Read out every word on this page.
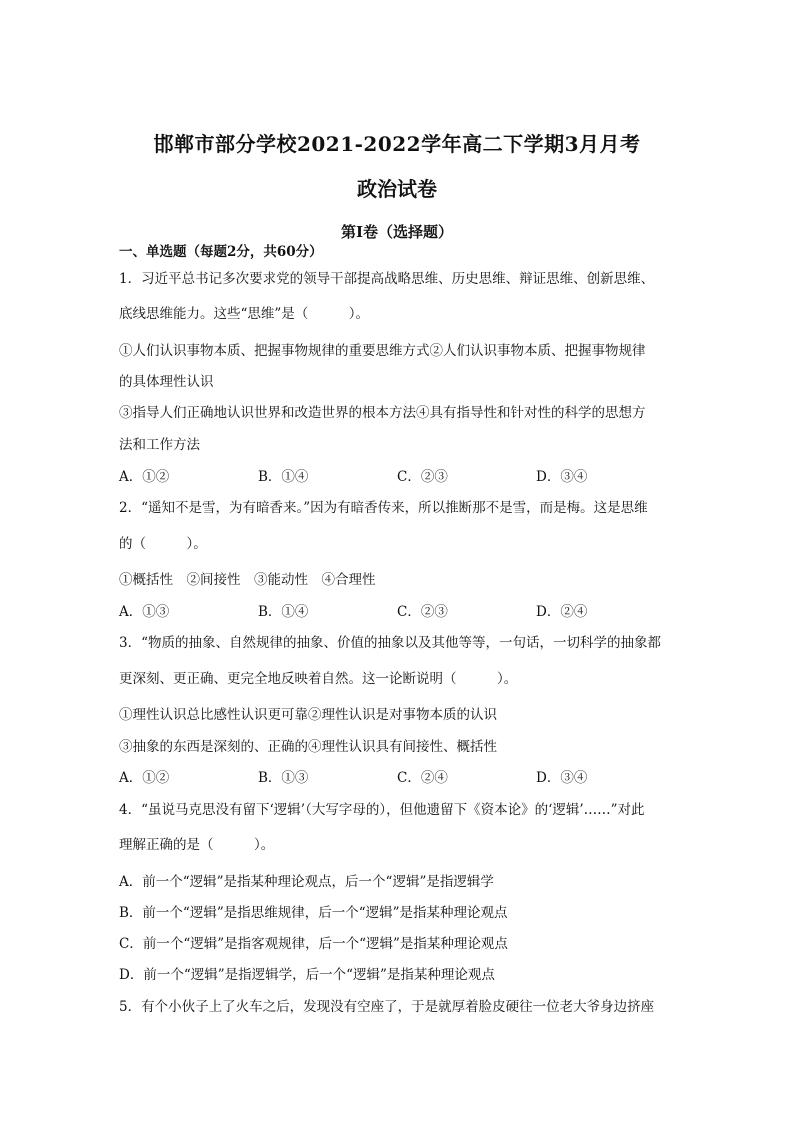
邯郸市部分学校2021-2022学年高二下学期3月月考
政治试卷
第Ⅰ卷（选择题）
一、单选题（每题2分，共60分）
1．习近平总书记多次要求党的领导干部提高战略思维、历史思维、辩证思维、创新思维、
底线思维能力。这些“思维”是（　　　）。
①人们认识事物本质、把握事物规律的重要思维方式②人们认识事物本质、把握事物规律
的具体理性认识
③指导人们正确地认识世界和改造世界的根本方法④具有指导性和针对性的科学的思想方
法和工作方法
A．①②	B．①④	C．②③	D．③④
2．“遥知不是雪，为有暗香来。”因为有暗香传来，所以推断那不是雪，而是梅。这是思维
的（　　　）。
①概括性　②间接性　③能动性　④合理性
A．①③	B．①④	C．②③	D．②④
3．“物质的抽象、自然规律的抽象、价值的抽象以及其他等等，一句话，一切科学的抽象都
更深刻、更正确、更完全地反映着自然。这一论断说明（　　　）。
①理性认识总比感性认识更可靠②理性认识是对事物本质的认识
③抽象的东西是深刻的、正确的④理性认识具有间接性、概括性
A．①②	B．①③	C．②④	D．③④
4．“虽说马克思没有留下‘逻辑’（大写字母的），但他遗留下《资本论》的‘逻辑’……”对此
理解正确的是（　　　）。
A．前一个“逻辑”是指某种理论观点，后一个“逻辑”是指逻辑学
B．前一个“逻辑”是指思维规律，后一个“逻辑”是指某种理论观点
C．前一个“逻辑”是指客观规律，后一个“逻辑”是指某种理论观点
D．前一个“逻辑”是指逻辑学，后一个“逻辑”是指某种理论观点
5．有个小伙子上了火车之后，发现没有空座了，于是就厚着脸皮硬往一位老大爷身边挤座
